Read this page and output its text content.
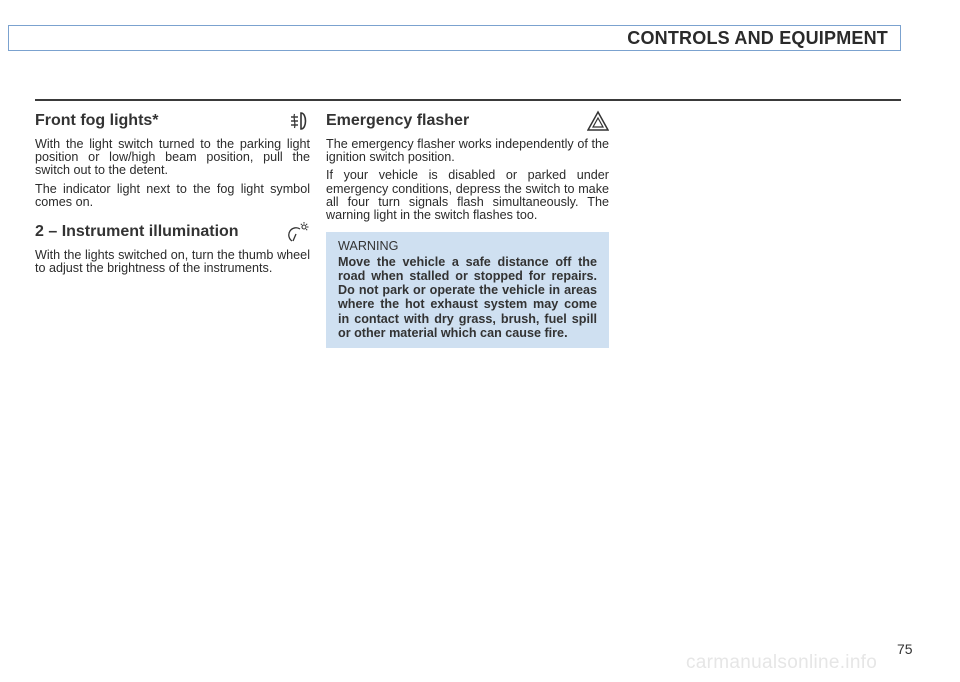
CONTROLS AND EQUIPMENT
Front fog lights*

With the light switch turned to the parking light position or low/high beam position, pull the switch out to the detent.

The indicator light next to the fog light symbol comes on.

2 – Instrument illumination

With the lights switched on, turn the thumb wheel to adjust the brightness of the instruments.

Emergency flasher

The emergency flasher works independently of the ignition switch position.

If your vehicle is disabled or parked under emergency conditions, depress the switch to make all four turn signals flash simultaneously. The warning light in the switch flashes too.

WARNING
Move the vehicle a safe distance off the road when stalled or stopped for repairs. Do not park or operate the vehicle in areas where the hot exhaust system may come in contact with dry grass, brush, fuel spill or other material which can cause fire.
75
carmanualsonline.info
